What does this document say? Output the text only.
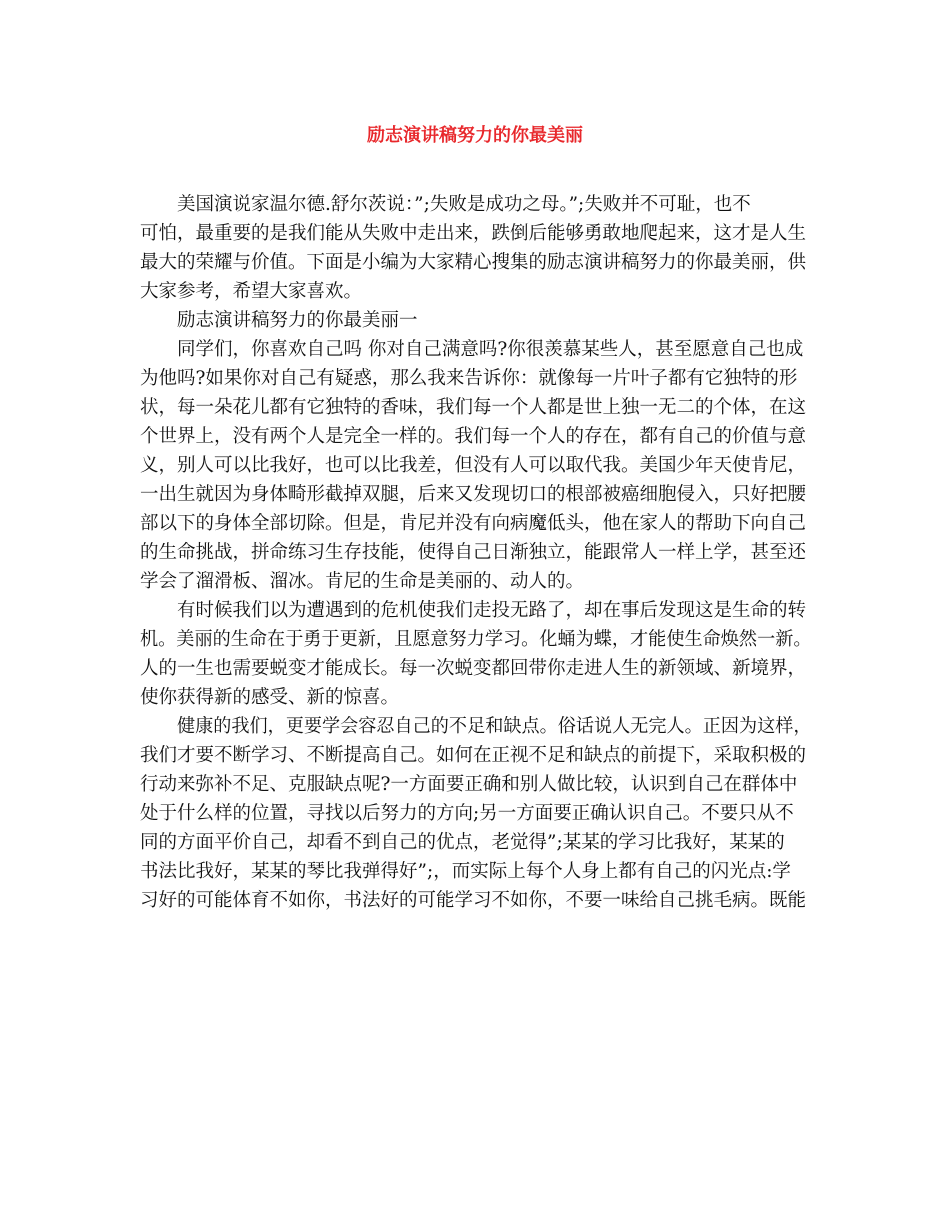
励志演讲稿努力的你最美丽
美国演说家温尔德.舒尔茨说：”;失败是成功之母。”;失败并不可耻，也不
可怕，最重要的是我们能从失败中走出来，跌倒后能够勇敢地爬起来，这才是人生
最大的荣耀与价值。下面是小编为大家精心搜集的励志演讲稿努力的你最美丽，供
大家参考，希望大家喜欢。
励志演讲稿努力的你最美丽一
同学们，你喜欢自己吗 你对自己满意吗?你很羡慕某些人，甚至愿意自己也成
为他吗?如果你对自己有疑惑，那么我来告诉你：就像每一片叶子都有它独特的形
状，每一朵花儿都有它独特的香味，我们每一个人都是世上独一无二的个体，在这
个世界上，没有两个人是完全一样的。我们每一个人的存在，都有自己的价值与意
义，别人可以比我好，也可以比我差，但没有人可以取代我。美国少年天使肯尼，
一出生就因为身体畸形截掉双腿，后来又发现切口的根部被癌细胞侵入，只好把腰
部以下的身体全部切除。但是，肯尼并没有向病魔低头，他在家人的帮助下向自己
的生命挑战，拼命练习生存技能，使得自己日渐独立，能跟常人一样上学，甚至还
学会了溜滑板、溜冰。肯尼的生命是美丽的、动人的。
有时候我们以为遭遇到的危机使我们走投无路了，却在事后发现这是生命的转
机。美丽的生命在于勇于更新，且愿意努力学习。化蛹为蝶，才能使生命焕然一新。
人的一生也需要蜕变才能成长。每一次蜕变都回带你走进人生的新领域、新境界，
使你获得新的感受、新的惊喜。
健康的我们，更要学会容忍自己的不足和缺点。俗话说人无完人。正因为这样，
我们才要不断学习、不断提高自己。如何在正视不足和缺点的前提下，采取积极的
行动来弥补不足、克服缺点呢?一方面要正确和别人做比较，认识到自己在群体中
处于什么样的位置，寻找以后努力的方向;另一方面要正确认识自己。不要只从不
同的方面平价自己，却看不到自己的优点，老觉得”;某某的学习比我好，某某的
书法比我好，某某的琴比我弹得好”;，而实际上每个人身上都有自己的闪光点:学
习好的可能体育不如你，书法好的可能学习不如你，不要一味给自己挑毛病。既能
